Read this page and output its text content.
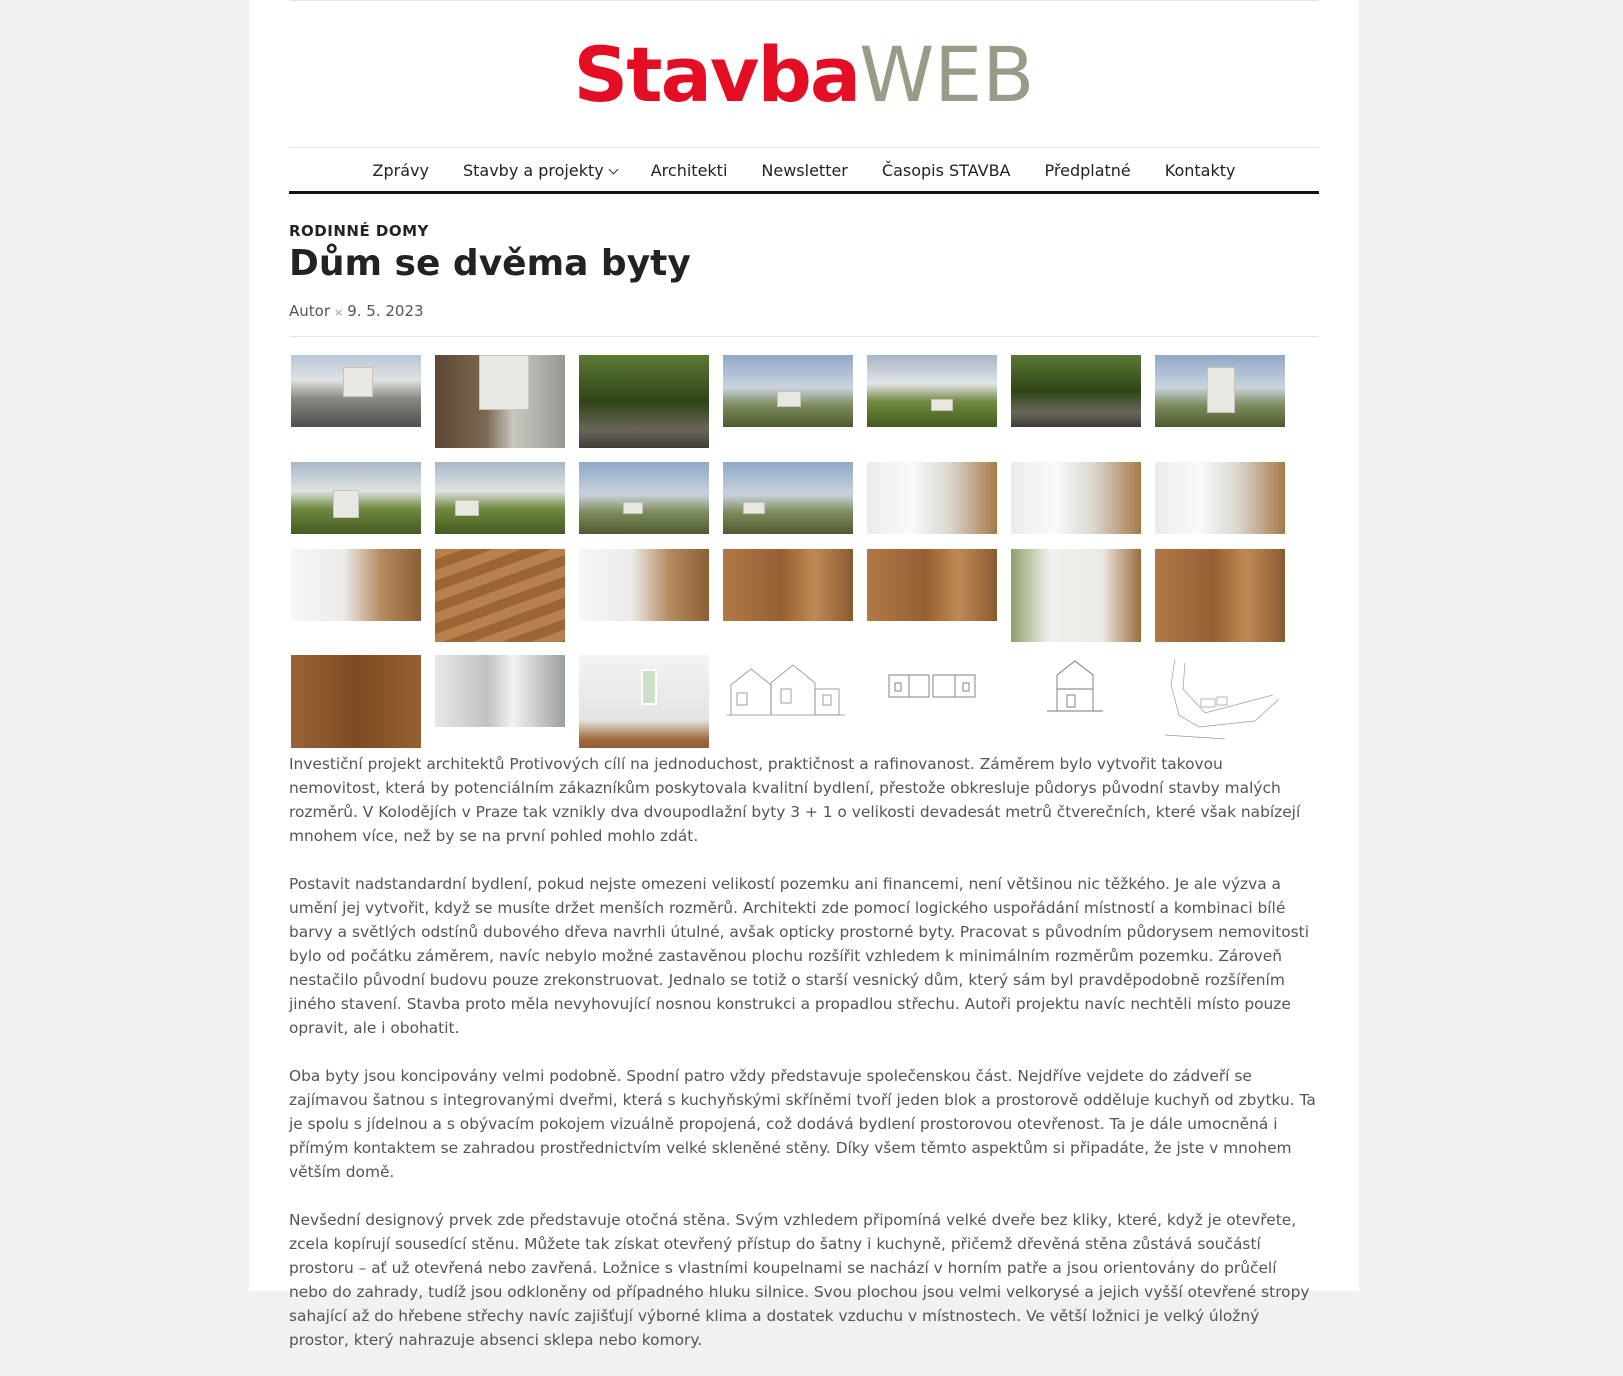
StavbaWEB
Zprávy Stavby a projekty	Architekti Newsletter Časopis STAVBA Předplatné Kontakty
RODINNÉ DOMY
Dům se dvěma byty
Autor × 9. 5. 2023

Investiční projekt architektů Protivových cílí na jednoduchost, praktičnost a rafinovanost. Záměrem bylo vytvořit takovou nemovitost, která by potenciálním zákazníkům poskytovala kvalitní bydlení, přestože obkresluje půdorys původní stavby malých rozměrů. V Kolodějích v Praze tak vznikly dva dvoupodlažní byty 3 + 1 o velikosti devadesát metrů čtverečních, které však nabízejí mnohem více, než by se na první pohled mohlo zdát.

Postavit nadstandardní bydlení, pokud nejste omezeni velikostí pozemku ani financemi, není většinou nic těžkého. Je ale výzva a umění jej vytvořit, když se musíte držet menších rozměrů. Architekti zde pomocí logického uspořádání místností a kombinaci bílé barvy a světlých odstínů dubového dřeva navrhli útulné, avšak opticky prostorné byty. Pracovat s původním půdorysem nemovitosti bylo od počátku záměrem, navíc nebylo možné zastavěnou plochu rozšířit vzhledem k minimálním rozměrům pozemku. Zároveň nestačilo původní budovu pouze zrekonstruovat. Jednalo se totiž o starší vesnický dům, který sám byl pravděpodobně rozšířením jiného stavení. Stavba proto měla nevyhovující nosnou konstrukci a propadlou střechu. Autoři projektu navíc nechtěli místo pouze opravit, ale i obohatit.

Oba byty jsou koncipovány velmi podobně. Spodní patro vždy představuje společenskou část. Nejdříve vejdete do zádveří se zajímavou šatnou s integrovanými dveřmi, která s kuchyňskými skříněmi tvoří jeden blok a prostorově odděluje kuchyň od zbytku. Ta je spolu s jídelnou a s obývacím pokojem vizuálně propojená, což dodává bydlení prostorovou otevřenost. Ta je dále umocněná i přímým kontaktem se zahradou prostřednictvím velké skleněné stěny. Díky všem těmto aspektům si připadáte, že jste v mnohem větším domě.

Nevšední designový prvek zde představuje otočná stěna. Svým vzhledem připomíná velké dveře bez kliky, které, když je otevřete, zcela kopírují sousedící stěnu. Můžete tak získat otevřený přístup do šatny i kuchyně, přičemž dřevěná stěna zůstává součástí prostoru – ať už otevřená nebo zavřená. Ložnice s vlastními koupelnami se nachází v horním patře a jsou orientovány do průčelí nebo do zahrady, tudíž jsou odkloněny od případného hluku silnice. Svou plochou jsou velmi velkorysé a jejich vyšší otevřené stropy sahající až do hřebene střechy navíc zajišťují výborné klima a dostatek vzduchu v místnostech. Ve větší ložnici je velký úložný prostor, který nahrazuje absenci sklepa nebo komory.
